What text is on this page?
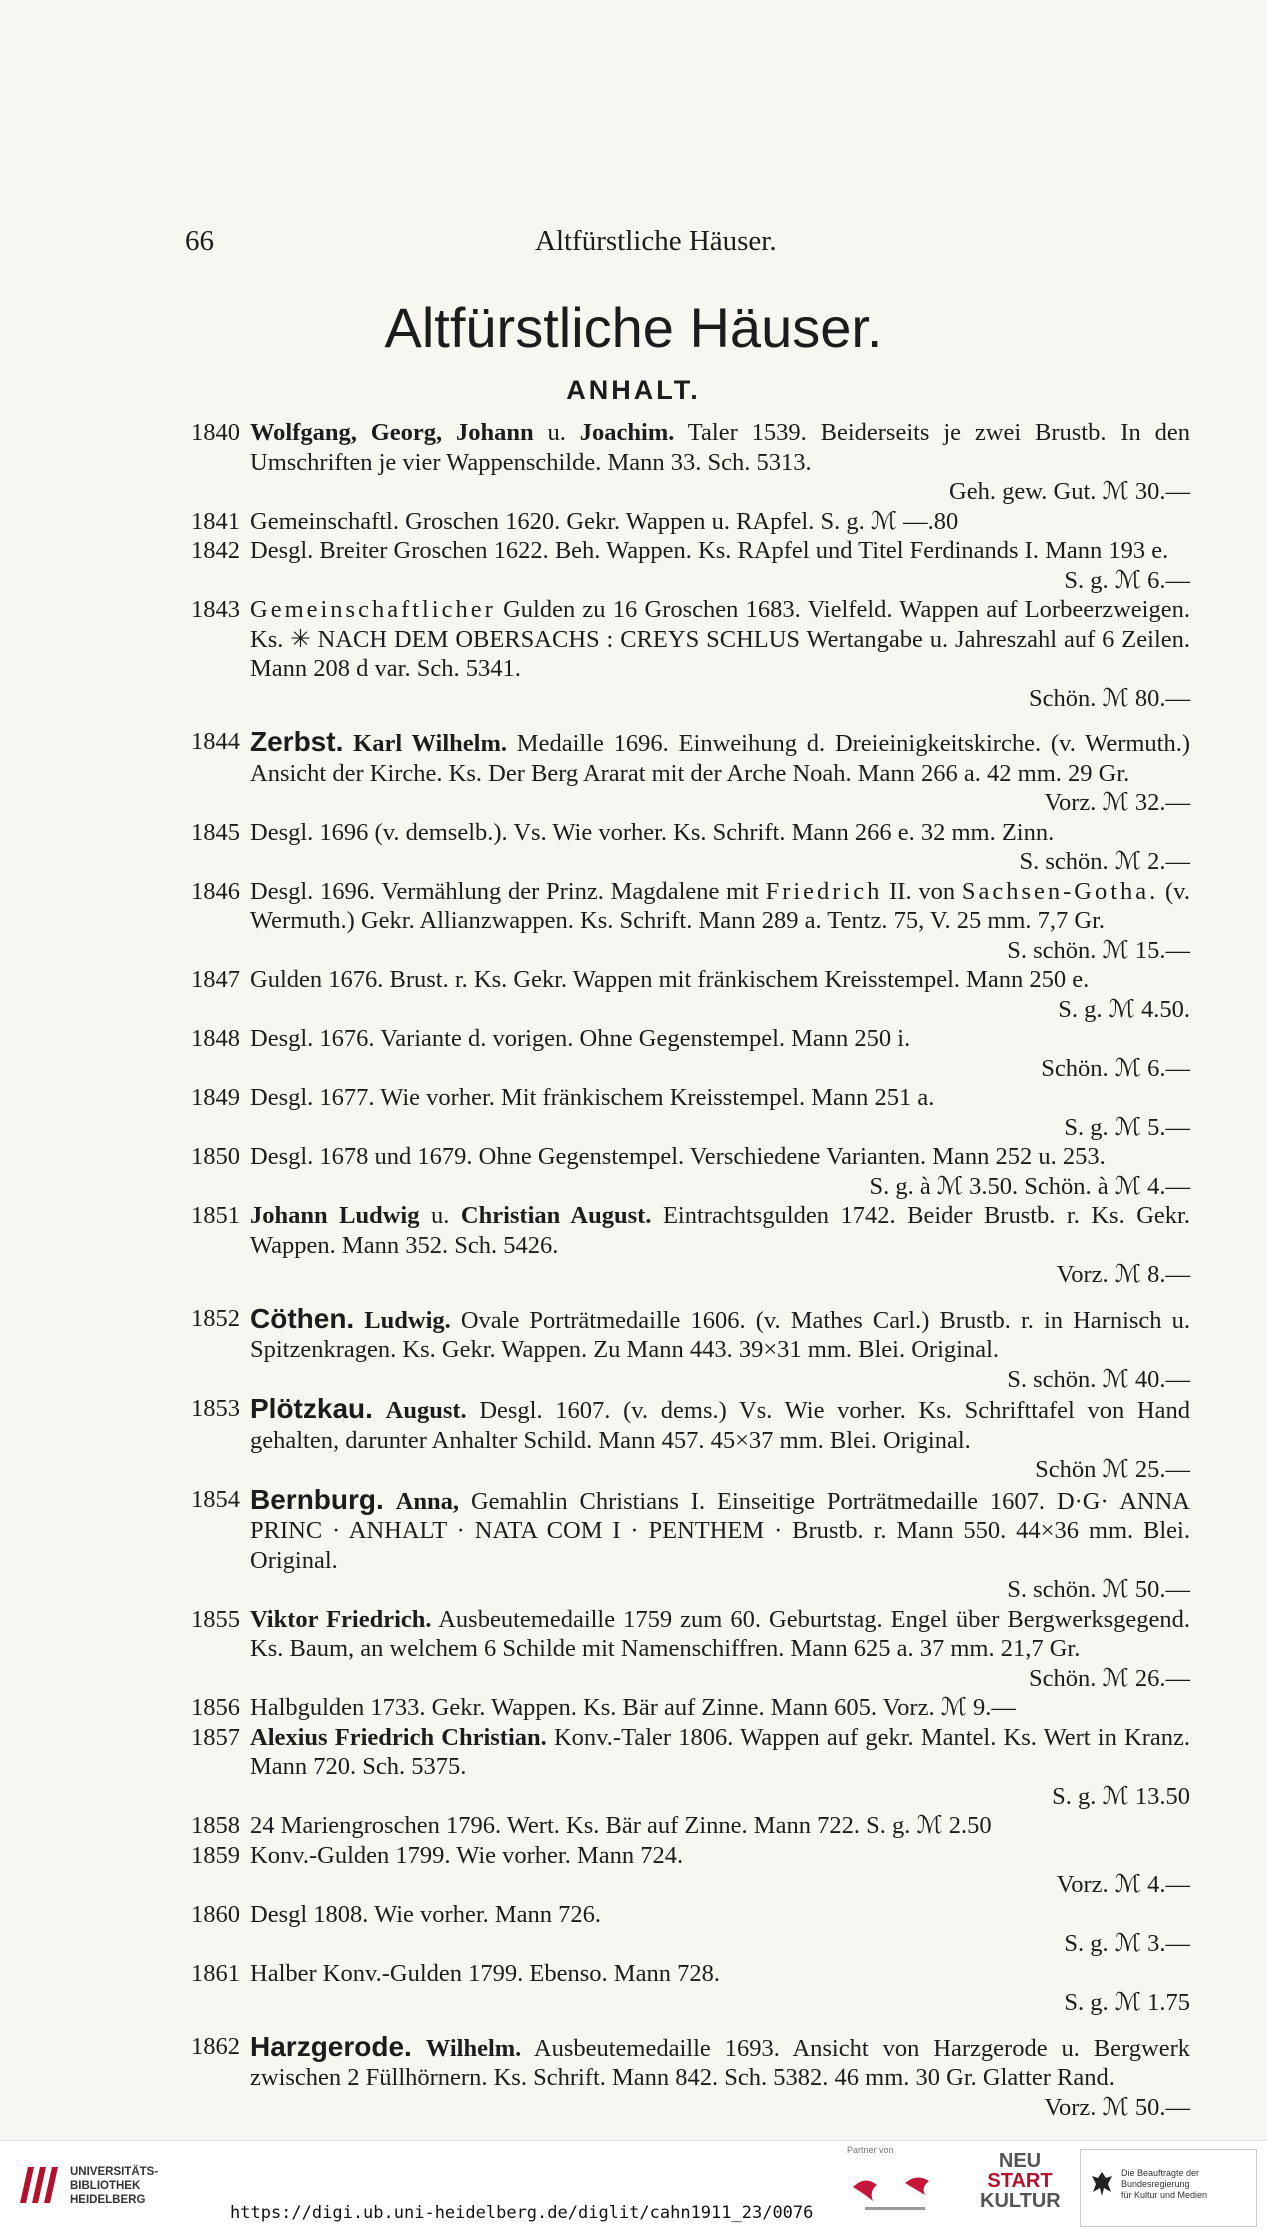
66	Altfürstliche Häuser.
Altfürstliche Häuser.
ANHALT.
1840 Wolfgang, Georg, Johann u. Joachim. Taler 1539. Beiderseits je zwei Brustb. In den Umschriften je vier Wappenschilde. Mann 33. Sch. 5313.
Geh. gew. Gut. ℳ 30.—
1841 Gemeinschaftl. Groschen 1620. Gekr. Wappen u. RApfel. S. g. ℳ —.80
1842 Desgl. Breiter Groschen 1622. Beh. Wappen. Ks. RApfel und Titel Ferdinands I. Mann 193 e.
S. g. ℳ 6.—
1843 Gemeinschaftlicher Gulden zu 16 Groschen 1683. Vielfeld. Wappen auf Lorbeerzweigen. Ks. ✳ NACH DEM OBERSACHS : CREYS SCHLUS Wertangabe u. Jahreszahl auf 6 Zeilen. Mann 208 d var. Sch. 5341.
Schön. ℳ 80.—
1844 Zerbst. Karl Wilhelm. Medaille 1696. Einweihung d. Dreieinigkeitskirche. (v. Wermuth.) Ansicht der Kirche. Ks. Der Berg Ararat mit der Arche Noah. Mann 266 a. 42 mm. 29 Gr.
Vorz. ℳ 32.—
1845 Desgl. 1696 (v. demselb.). Vs. Wie vorher. Ks. Schrift. Mann 266 e. 32 mm. Zinn.
S. schön. ℳ 2.—
1846 Desgl. 1696. Vermählung der Prinz. Magdalene mit Friedrich II. von Sachsen-Gotha. (v. Wermuth.) Gekr. Allianzwappen. Ks. Schrift. Mann 289 a. Tentz. 75, V. 25 mm. 7,7 Gr.
S. schön. ℳ 15.—
1847 Gulden 1676. Brust. r. Ks. Gekr. Wappen mit fränkischem Kreisstempel. Mann 250 e.
S. g. ℳ 4.50.
1848 Desgl. 1676. Variante d. vorigen. Ohne Gegenstempel. Mann 250 i.
Schön. ℳ 6.—
1849 Desgl. 1677. Wie vorher. Mit fränkischem Kreisstempel. Mann 251 a.
S. g. ℳ 5.—
1850 Desgl. 1678 und 1679. Ohne Gegenstempel. Verschiedene Varianten. Mann 252 u. 253.
S. g. à ℳ 3.50. Schön. à ℳ 4.—
1851 Johann Ludwig u. Christian August. Eintrachtsgulden 1742. Beider Brustb. r. Ks. Gekr. Wappen. Mann 352. Sch. 5426.
Vorz. ℳ 8.—
1852 Cöthen. Ludwig. Ovale Porträtmedaille 1606. (v. Mathes Carl.) Brustb. r. in Harnisch u. Spitzenkragen. Ks. Gekr. Wappen. Zu Mann 443. 39×31 mm. Blei. Original.
S. schön. ℳ 40.—
1853 Plötzkau. August. Desgl. 1607. (v. dems.) Vs. Wie vorher. Ks. Schrifttafel von Hand gehalten, darunter Anhalter Schild. Mann 457. 45×37 mm. Blei. Original.
Schön ℳ 25.—
1854 Bernburg. Anna, Gemahlin Christians I. Einseitige Porträtmedaille 1607. D·G· ANNA PRINC · ANHALT · NATA COM I · PENTHEM · Brustb. r. Mann 550. 44×36 mm. Blei. Original.
S. schön. ℳ 50.—
1855 Viktor Friedrich. Ausbeutemedaille 1759 zum 60. Geburtstag. Engel über Bergwerksgegend. Ks. Baum, an welchem 6 Schilde mit Namenschiffren. Mann 625 a. 37 mm. 21,7 Gr.
Schön. ℳ 26.—
1856 Halbgulden 1733. Gekr. Wappen. Ks. Bär auf Zinne. Mann 605. Vorz. ℳ 9.—
1857 Alexius Friedrich Christian. Konv.-Taler 1806. Wappen auf gekr. Mantel. Ks. Wert in Kranz. Mann 720. Sch. 5375.
S. g. ℳ 13.50
1858 24 Mariengroschen 1796. Wert. Ks. Bär auf Zinne. Mann 722. S. g. ℳ 2.50
1859 Konv.-Gulden 1799. Wie vorher. Mann 724.
Vorz. ℳ 4.—
1860 Desgl 1808. Wie vorher. Mann 726.
S. g. ℳ 3.—
1861 Halber Konv.-Gulden 1799. Ebenso. Mann 728.
S. g. ℳ 1.75
1862 Harzgerode. Wilhelm. Ausbeutemedaille 1693. Ansicht von Harzgerode u. Bergwerk zwischen 2 Füllhörnern. Ks. Schrift. Mann 842. Sch. 5382. 46 mm. 30 Gr. Glatter Rand.
Vorz. ℳ 50.—
UNIVERSITÄTS-
BIBLIOTHEK
HEIDELBERG
https://digi.ub.uni-heidelberg.de/diglit/cahn1911_23/0076
Partner von	NEU
START
KULTUR
Die Beauftragte der Bundesregierung
für Kultur und Medien
